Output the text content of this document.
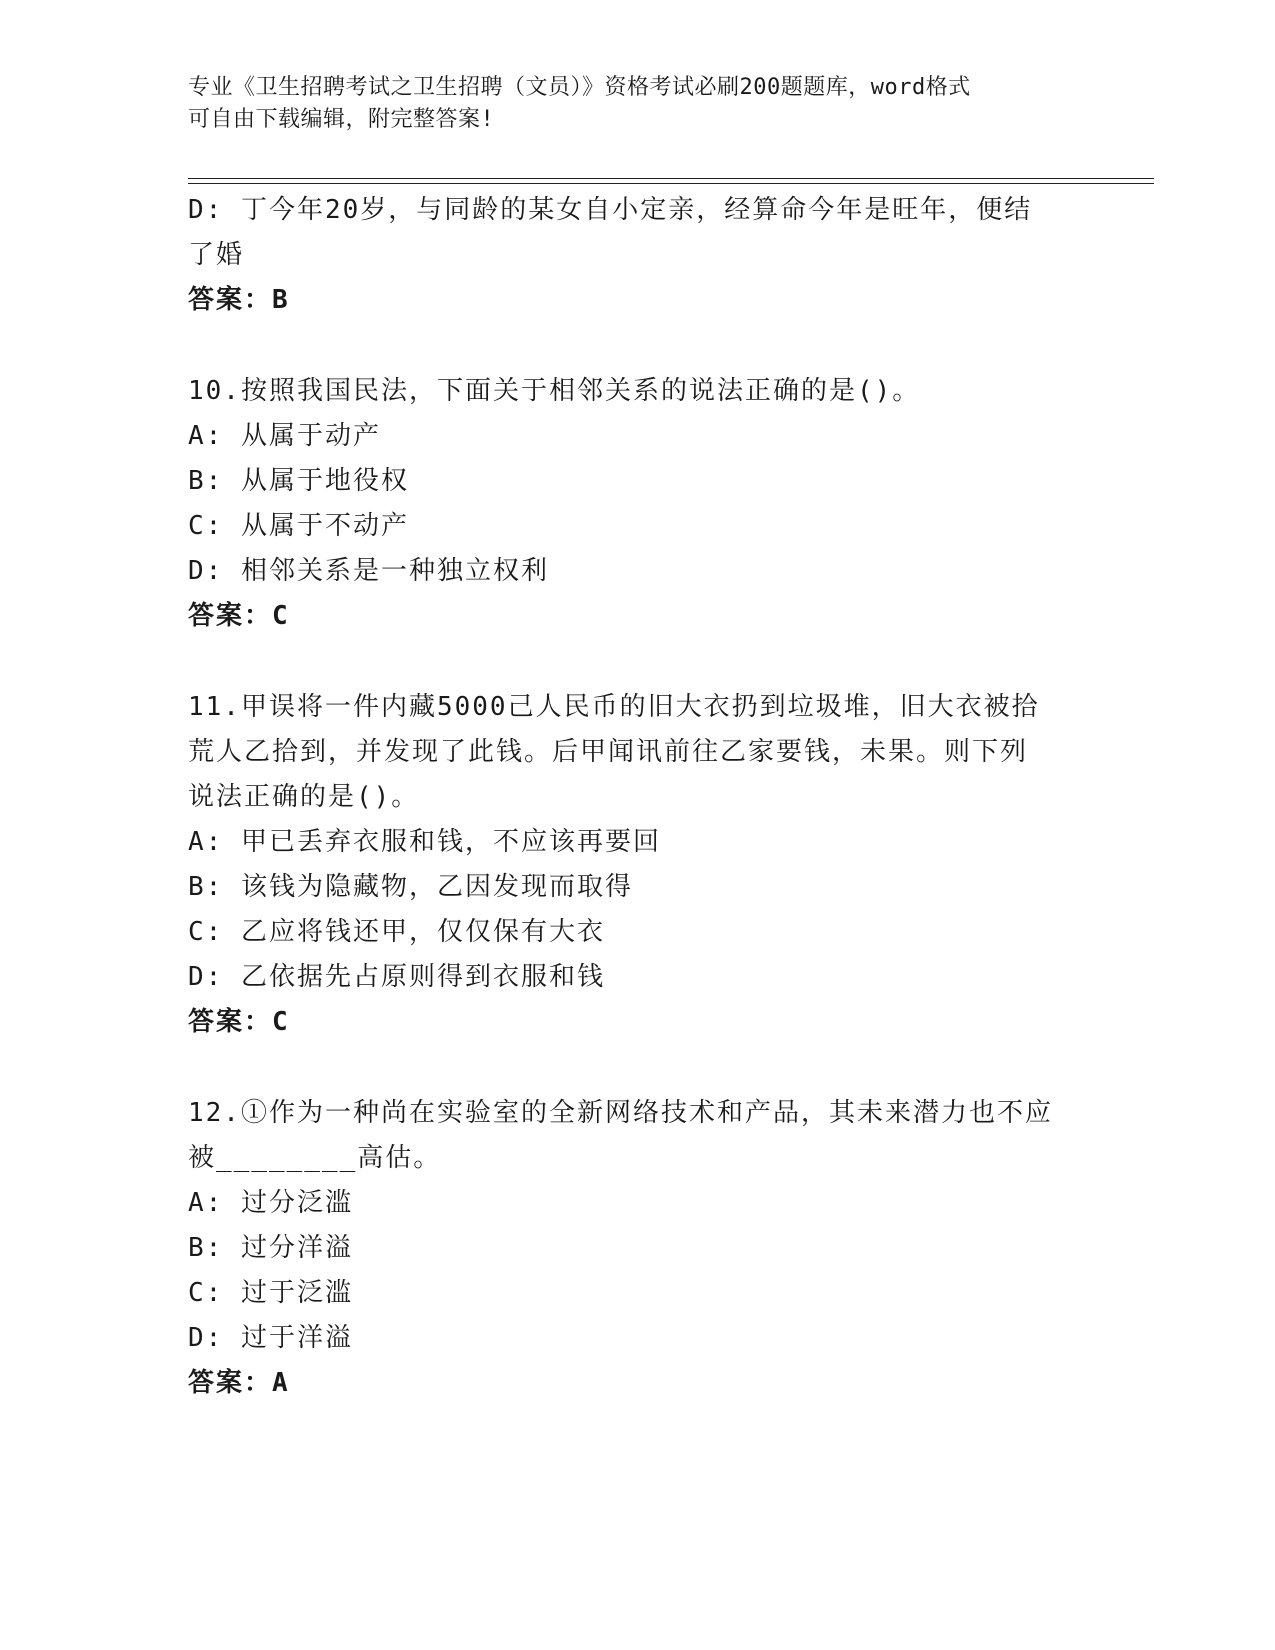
专业《卫生招聘考试之卫生招聘（文员）》资格考试必刷200题题库，word格式
可自由下载编辑，附完整答案!

D: 丁今年20岁，与同龄的某女自小定亲，经算命今年是旺年，便结

了婚

答案：B

10.按照我国民法，下面关于相邻关系的说法正确的是()。

A: 从属于动产

B: 从属于地役权

C: 从属于不动产

D: 相邻关系是一种独立权利

答案：C

11.甲误将一件内藏5000己人民币的旧大衣扔到垃圾堆，旧大衣被拾

荒人乙拾到，并发现了此钱。后甲闻讯前往乙家要钱，未果。则下列

说法正确的是()。

A: 甲已丢弃衣服和钱，不应该再要回

B: 该钱为隐藏物，乙因发现而取得

C: 乙应将钱还甲，仅仅保有大衣

D: 乙依据先占原则得到衣服和钱

答案：C

12.①作为一种尚在实验室的全新网络技术和产品，其未来潜力也不应

被________高估。

A: 过分泛滥

B: 过分洋溢

C: 过于泛滥

D: 过于洋溢

答案：A
